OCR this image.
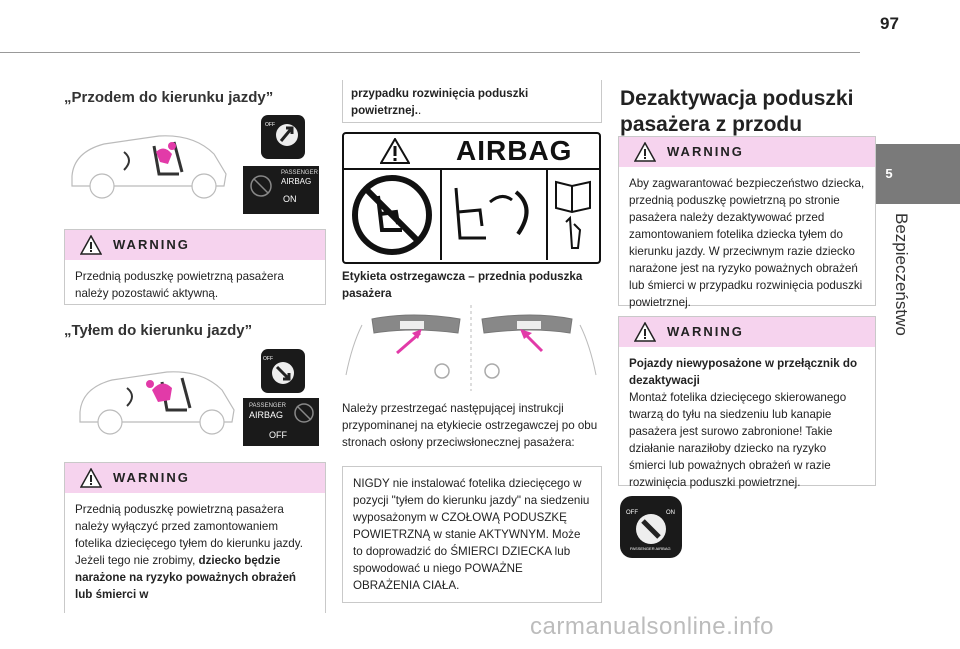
97
5
Bezpieczeństwo
„Przodem do kierunku jazdy”
OFF
PASSENGER
AIRBAG
ON
WARNING
Przednią poduszkę powietrzną pasażera należy pozostawić aktywną.
„Tyłem do kierunku jazdy”
OFF
PASSENGER
AIRBAG
OFF
WARNING
Przednią poduszkę powietrzną pasażera należy wyłączyć przed zamontowaniem fotelika dziecięcego tyłem do kierunku jazdy. Jeżeli tego nie zrobimy, dziecko będzie narażone na ryzyko poważnych obrażeń lub śmierci w
przypadku rozwinięcia poduszki powietrznej..
AIRBAG
Etykieta ostrzegawcza – przednia poduszka pasażera
Należy przestrzegać następującej instrukcji przypominanej na etykiecie ostrzegawczej po obu stronach osłony przeciwsłonecznej pasażera:
NIGDY nie instalować fotelika dziecięcego w pozycji "tyłem do kierunku jazdy" na siedzeniu wyposażonym w CZOŁOWĄ PODUSZKĘ POWIETRZNĄ w stanie AKTYWNYM. Może to doprowadzić do ŚMIERCI DZIECKA lub spowodować u niego POWAŻNE OBRAŻENIA CIAŁA.
Dezaktywacja poduszki
pasażera z przodu
WARNING
Aby zagwarantować bezpieczeństwo dziecka, przednią poduszkę powietrzną po stronie pasażera należy dezaktywować przed zamontowaniem fotelika dziecka tyłem do kierunku jazdy. W przeciwnym razie dziecko narażone jest na ryzyko poważnych obrażeń lub śmierci w przypadku rozwinięcia poduszki powietrznej.
WARNING
Pojazdy niewyposażone w przełącznik do dezaktywacji
Montaż fotelika dziecięcego skierowanego twarzą do tyłu na siedzeniu lub kanapie pasażera jest surowo zabronione! Takie działanie naraziłoby dziecko na ryzyko śmierci lub poważnych obrażeń w razie rozwinięcia poduszki powietrznej.
OFF	ON
PASSENGER AIRBAG
carmanualsonline.info
